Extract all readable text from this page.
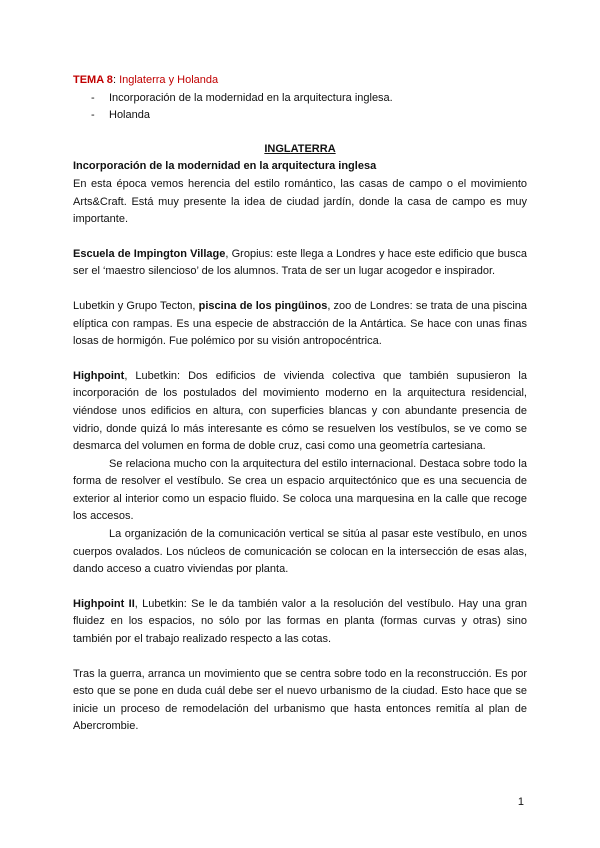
TEMA 8: Inglaterra y Holanda
- Incorporación de la modernidad en la arquitectura inglesa.
- Holanda
INGLATERRA
Incorporación de la modernidad en la arquitectura inglesa

En esta época vemos herencia del estilo romántico, las casas de campo o el movimiento Arts&Craft. Está muy presente la idea de ciudad jardín, donde la casa de campo es muy importante.

Escuela de Impington Village, Gropius: este llega a Londres y hace este edificio que busca ser el ‘maestro silencioso’ de los alumnos. Trata de ser un lugar acogedor e inspirador.

Lubetkin y Grupo Tecton, piscina de los pingüinos, zoo de Londres: se trata de una piscina elíptica con rampas. Es una especie de abstracción de la Antártica. Se hace con unas finas losas de hormigón. Fue polémico por su visión antropocéntrica.

Highpoint, Lubetkin: Dos edificios de vivienda colectiva que también supusieron la incorporación de los postulados del movimiento moderno en la arquitectura residencial, viéndose unos edificios en altura, con superficies blancas y con abundante presencia de vidrio, donde quizá lo más interesante es cómo se resuelven los vestíbulos, se ve como se desmarca del volumen en forma de doble cruz, casi como una geometría cartesiana.

Se relaciona mucho con la arquitectura del estilo internacional. Destaca sobre todo la forma de resolver el vestíbulo. Se crea un espacio arquitectónico que es una secuencia de exterior al interior como un espacio fluido. Se coloca una marquesina en la calle que recoge los accesos.

La organización de la comunicación vertical se sitúa al pasar este vestíbulo, en unos cuerpos ovalados. Los núcleos de comunicación se colocan en la intersección de esas alas, dando acceso a cuatro viviendas por planta.

Highpoint II, Lubetkin: Se le da también valor a la resolución del vestíbulo. Hay una gran fluidez en los espacios, no sólo por las formas en planta (formas curvas y otras) sino también por el trabajo realizado respecto a las cotas.

Tras la guerra, arranca un movimiento que se centra sobre todo en la reconstrucción. Es por esto que se pone en duda cuál debe ser el nuevo urbanismo de la ciudad. Esto hace que se inicie un proceso de remodelación del urbanismo que hasta entonces remitía al plan de Abercrombie.

1
